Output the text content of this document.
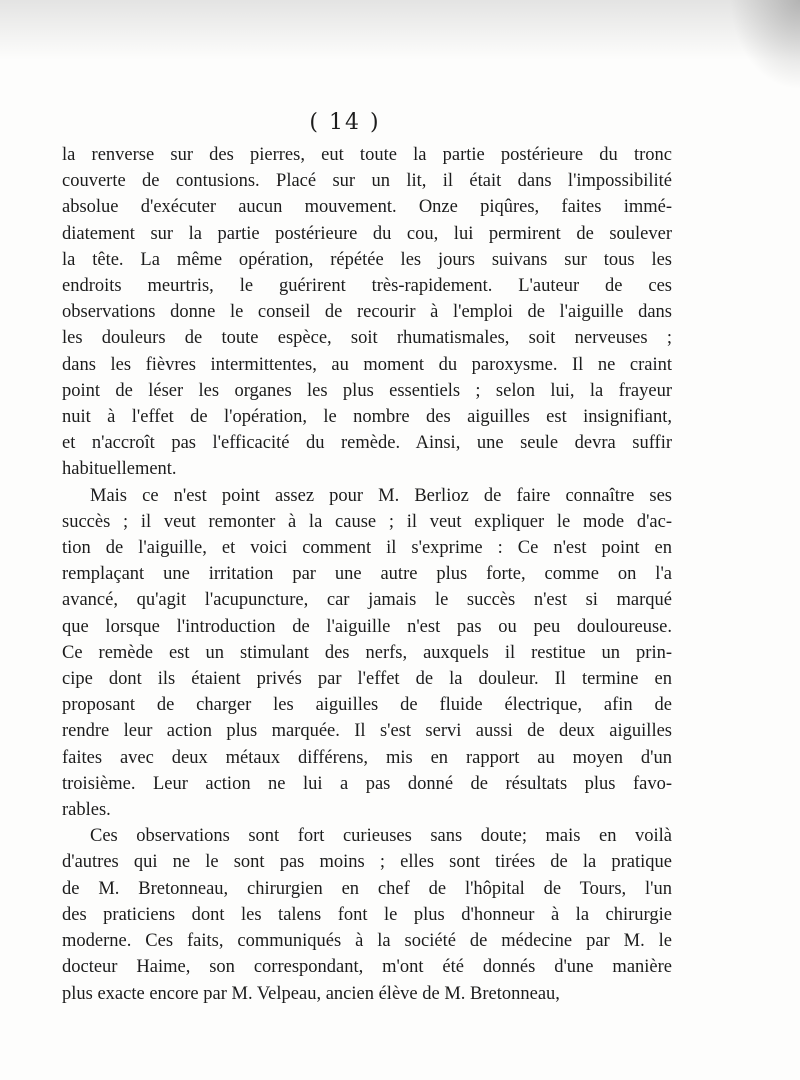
( 14 )
la renverse sur des pierres, eut toute la partie postérieure du tronc
couverte de contusions. Placé sur un lit, il était dans l'impossibilité
absolue d'exécuter aucun mouvement. Onze piqûres, faites immé-
diatement sur la partie postérieure du cou, lui permirent de soulever
la tête. La même opération, répétée les jours suivans sur tous les
endroits meurtris, le guérirent très-rapidement. L'auteur de ces
observations donne le conseil de recourir à l'emploi de l'aiguille dans
les douleurs de toute espèce, soit rhumatismales, soit nerveuses ;
dans les fièvres intermittentes, au moment du paroxysme. Il ne craint
point de léser les organes les plus essentiels ; selon lui, la frayeur
nuit à l'effet de l'opération, le nombre des aiguilles est insignifiant,
et n'accroît pas l'efficacité du remède. Ainsi, une seule devra suffir
habituellement.
Mais ce n'est point assez pour M. Berlioz de faire connaître ses
succès ; il veut remonter à la cause ; il veut expliquer le mode d'ac-
tion de l'aiguille, et voici comment il s'exprime : Ce n'est point en
remplaçant une irritation par une autre plus forte, comme on l'a
avancé, qu'agit l'acupuncture, car jamais le succès n'est si marqué
que lorsque l'introduction de l'aiguille n'est pas ou peu douloureuse.
Ce remède est un stimulant des nerfs, auxquels il restitue un prin-
cipe dont ils étaient privés par l'effet de la douleur. Il termine en
proposant de charger les aiguilles de fluide électrique, afin de
rendre leur action plus marquée. Il s'est servi aussi de deux aiguilles
faites avec deux métaux différens, mis en rapport au moyen d'un
troisième. Leur action ne lui a pas donné de résultats plus favo-
rables.
Ces observations sont fort curieuses sans doute; mais en voilà
d'autres qui ne le sont pas moins ; elles sont tirées de la pratique
de M. Bretonneau, chirurgien en chef de l'hôpital de Tours, l'un
des praticiens dont les talens font le plus d'honneur à la chirurgie
moderne. Ces faits, communiqués à la société de médecine par M. le
docteur Haime, son correspondant, m'ont été donnés d'une manière
plus exacte encore par M. Velpeau, ancien élève de M. Bretonneau,
